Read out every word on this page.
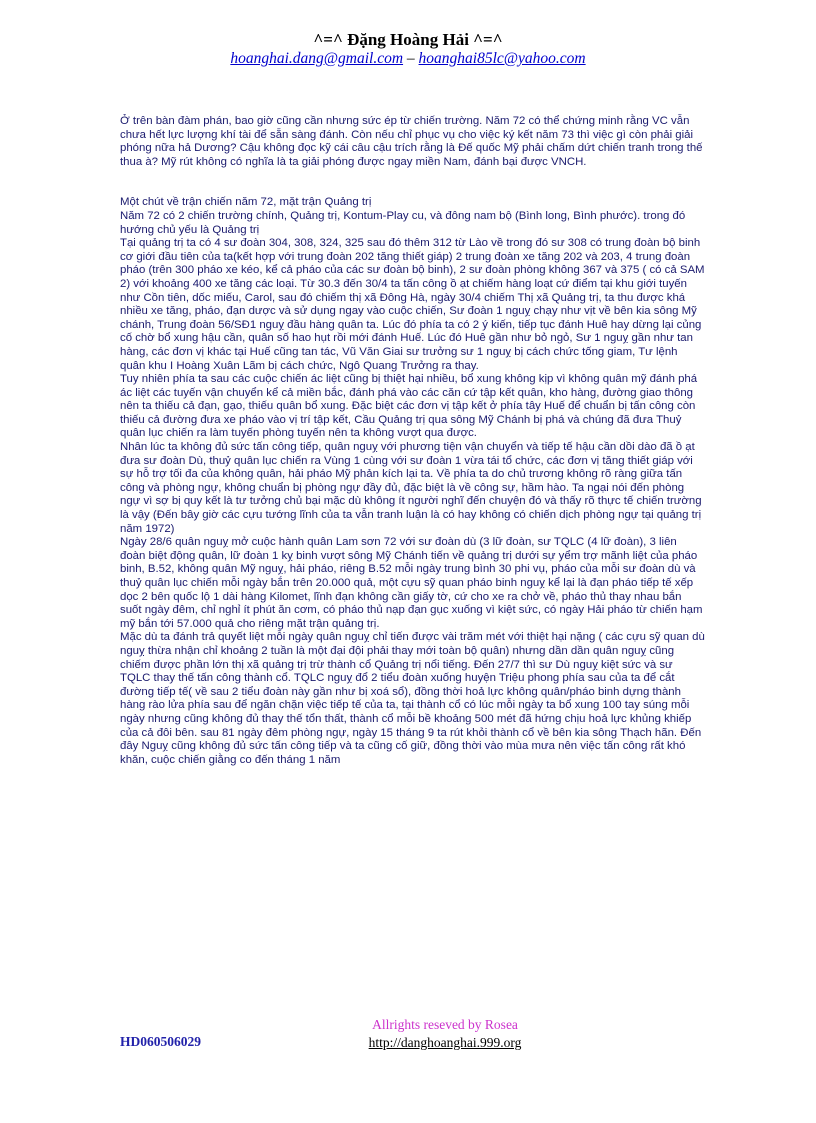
^=^ Đặng Hoàng Hải ^=^
hoanghai.dang@gmail.com – hoanghai85lc@yahoo.com

Ở trên bàn đàm phán, bao giờ cũng cần nhưng sức ép từ chiến trường. Năm 72 có thể chứng minh rằng VC vẫn chưa hết lực lượng khí tài để sẵn sàng đánh. Còn nếu chỉ phục vụ cho việc ký kết năm 73 thì việc gì còn phải giải phóng nữa hả Dương? Cậu không đọc kỹ cái câu cậu trích rằng là Đế quốc Mỹ phải chấm dứt chiến tranh trong thế thua à? Mỹ rút không có nghĩa là ta giải phóng được ngay miền Nam, đánh bại được VNCH.

Một chút về trận chiến năm 72, mặt trận Quảng trị

Năm 72 có 2 chiến trường chính, Quảng trị, Kontum-Play cu, và đông nam bộ (Bình long, Bình phước). trong đó hướng chủ yếu là Quảng trị

Tại quảng trị ta có 4 sư đoàn 304, 308, 324, 325 sau đó thêm 312 từ Lào về trong đó sư 308 có trung đoàn bộ binh cơ giới đầu tiên của ta(kết hợp với trung đoàn 202 tăng thiết giáp) 2 trung đoàn xe tăng 202 và 203, 4 trung đoàn pháo (trên 300 pháo xe kéo, kể cả pháo của các sư đoàn bộ binh), 2 sư đoàn phòng không 367 và 375 ( có cả SAM 2) với khoảng 400 xe tăng các loại. Từ 30.3 đến 30/4 ta tấn công ồ ạt chiếm hàng loạt cứ điểm tại khu giới tuyến như Cồn tiên, dốc miếu, Carol, sau đó chiếm thị xã Đông Hà, ngày 30/4 chiếm Thị xã Quảng trị, ta thu được khá nhiều xe tăng, pháo, đạn dược và sử dụng ngay vào cuộc chiến, Sư đoàn 1 nguỵ chạy như vịt về bên kia sông Mỹ chánh, Trung đoàn 56/SĐ1 nguỵ đầu hàng quân ta. Lúc đó phía ta có 2 ý kiến, tiếp tục đánh Huê hay dừng lại củng cố chờ bổ xung hậu cần, quân số hao hụt rồi mới đánh Huế. Lúc đó Huê gần như bỏ ngỏ, Sư 1 nguỵ gần như tan hàng, các đơn vị khác tại Huế cũng tan tác, Vũ Văn Giai sư trưởng sư 1 nguỵ bị cách chức tống giam, Tư lệnh quân khu I Hoàng Xuân Lãm bị cách chức, Ngô Quang Trưởng ra thay.

Tuy nhiên phía ta sau các cuộc chiến ác liệt cũng bị thiệt hại nhiều, bổ xung không kịp vì không quân mỹ đánh phá ác liệt các tuyến vận chuyển kể cả miền bắc, đánh phá vào các căn cứ tập kết quân, kho hàng, đường giao thông nên ta thiếu cả đạn, gạo, thiếu quân bổ xung. Đặc biệt các đơn vị tập kết ở phía tây Huế để chuẩn bị tấn công còn thiếu cả đường đưa xe pháo vào vị trí tập kết, Cầu Quảng trị qua sông Mỹ Chánh bị phá và chúng đã đưa Thuỷ quân lục chiến ra làm tuyến phòng tuyến nên ta không vượt qua được.

Nhân lúc ta không đủ sức tấn công tiếp, quân nguỵ với phương tiện vận chuyển và tiếp tế hậu cần dồi dào đã ồ ạt đưa sư đoàn Dù, thuỷ quân lục chiến ra Vùng 1 cùng với sư đoàn 1 vừa tái tổ chức, các đơn vị tăng thiết giáp với sự hỗ trợ tối đa của không quân, hải pháo Mỹ phản kích lại ta. Về phía ta do chủ trương không rõ ràng giữa tấn công và phòng ngự, không chuẩn bị phòng ngự đầy đủ, đặc biệt là về công sự, hầm hào. Ta ngại nói đến phòng ngự vì sợ bị quy kết là tư tưởng chủ bại mặc dù không ít người nghĩ đến chuyện đó và thấy rõ thực tế chiến trường là vậy (Đến bây giờ các cựu tướng lĩnh của ta vẫn tranh luận là có hay không có chiến dịch phòng ngự tại quảng trị năm 1972)

Ngày 28/6 quân nguỵ mở cuộc hành quân Lam sơn 72 với sư đoàn dù (3 lữ đoàn, sư TQLC (4 lữ đoàn), 3 liên đoàn biệt động quân, lữ đoàn 1 kỵ binh vượt sông Mỹ Chánh tiến về quảng trị dưới sự yểm trợ mãnh liệt của pháo binh, B.52, không quân Mỹ nguỵ, hải pháo, riêng B.52 mỗi ngày trung bình 30 phi vụ, pháo của mỗi sư đoàn dù và thuỷ quân lục chiến mỗi ngày bắn trên 20.000 quả, một cựu sỹ quan pháo binh nguỵ kể lại là đạn pháo tiếp tế xếp dọc 2 bên quốc lộ 1 dài hàng Kilomet, lĩnh đạn không cần giấy tờ, cứ cho xe ra chở về, pháo thủ thay nhau bắn suốt ngày đêm, chỉ nghỉ ít phút ăn cơm, có pháo thủ nạp đạn gục xuống vì kiệt sức, có ngày Hải pháo từ chiến hạm mỹ bắn tới 57.000 quả cho riêng mặt trận quảng trị.

Mặc dù ta đánh trả quyết liệt mỗi ngày quân nguỵ chỉ tiến được vài trăm mét với thiệt hại nặng ( các cựu sỹ quan dù nguỵ thừa nhận chỉ khoảng 2 tuần là một đại đội phải thay mới toàn bộ quân) nhưng dần dần quân nguỵ cũng chiếm được phần lớn thị xã quảng trị trừ thành cổ Quảng trị nổi tiếng. Đến 27/7 thì sư Dù nguỵ kiệt sức và sư TQLC thay thế tấn công thành cổ. TQLC nguỵ đổ 2 tiểu đoàn xuống huyện Triệu phong phía sau của ta để cắt đường tiếp tế( về sau 2 tiểu đoàn này gần như bị xoá sổ), đồng thời hoả lực không quân/pháo binh dựng thành hàng rào lửa phía sau để ngăn chặn việc tiếp tế của ta, tại thành cổ có lúc mỗi ngày ta bổ xung 100 tay súng mỗi ngày nhưng cũng không đủ thay thế tổn thất, thành cổ mỗi bề khoảng 500 mét đã hứng chịu hoả lực khủng khiếp của cả đôi bên. sau 81 ngày đêm phòng ngự, ngày 15 tháng 9 ta rút khỏi thành cổ về bên kia sông Thạch hãn. Đến đây Nguỵ cũng không đủ sức tấn công tiếp và ta cũng cố giữ, đồng thời vào mùa mưa nên việc tấn công rất khó khăn, cuộc chiến giằng co đến tháng 1 năm

Allrights reseved by Rosea
http://danghoanghai.999.org
HD060506029
